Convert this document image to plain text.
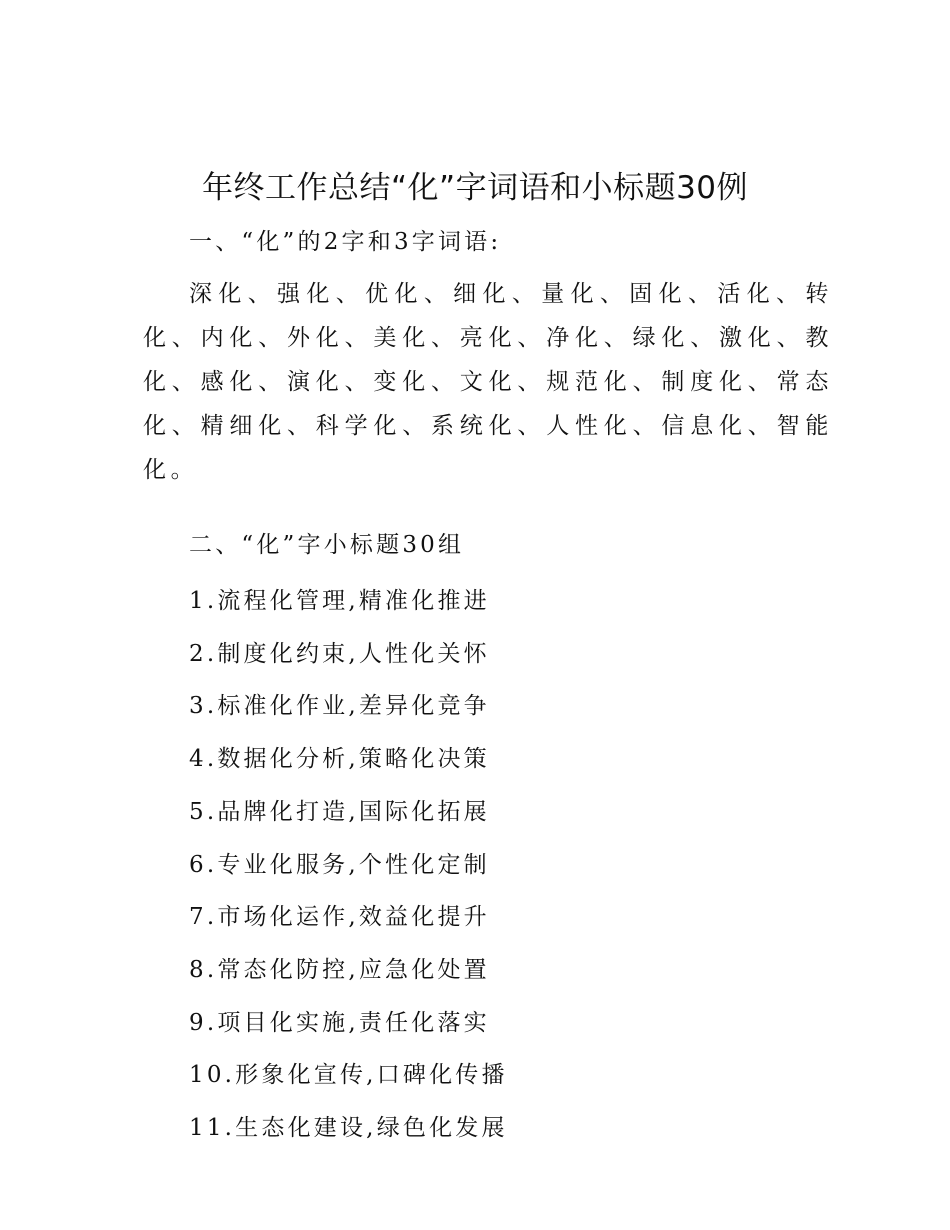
年终工作总结“化”字词语和小标题30例

一、“化”的2字和3字词语:

深化、强化、优化、细化、量化、固化、活化、转化、内化、外化、美化、亮化、净化、绿化、激化、教化、感化、演化、变化、文化、规范化、制度化、常态化、精细化、科学化、系统化、人性化、信息化、智能化。

二、“化”字小标题30组

1.流程化管理,精准化推进
2.制度化约束,人性化关怀
3.标准化作业,差异化竞争
4.数据化分析,策略化决策
5.品牌化打造,国际化拓展
6.专业化服务,个性化定制
7.市场化运作,效益化提升
8.常态化防控,应急化处置
9.项目化实施,责任化落实
10.形象化宣传,口碑化传播
11.生态化建设,绿色化发展
